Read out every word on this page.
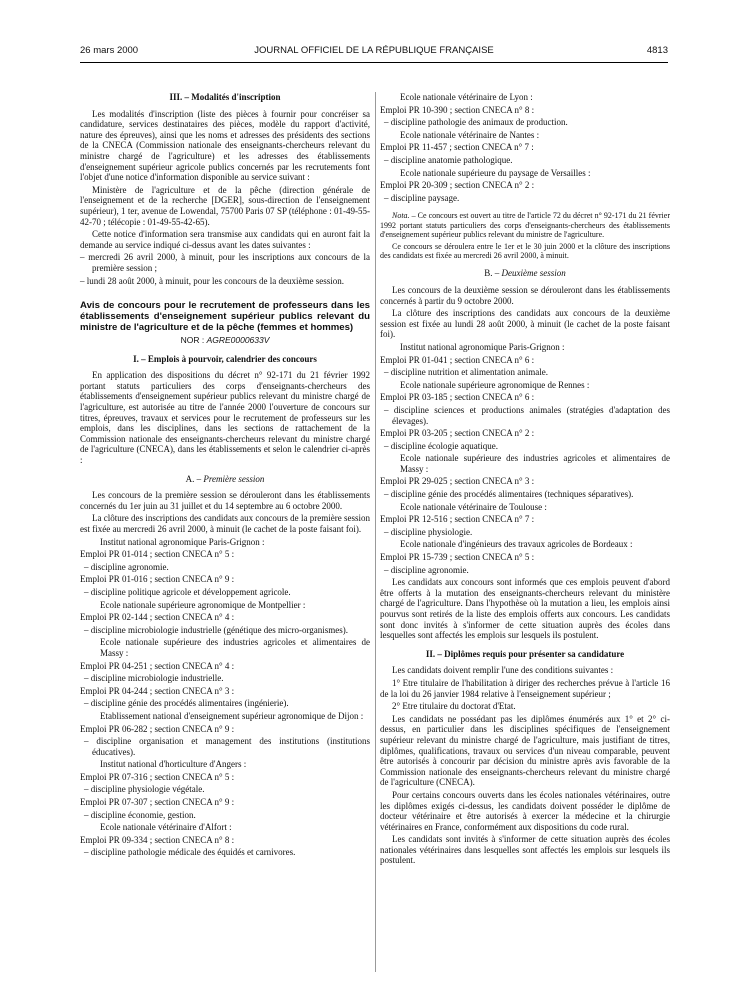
26 mars 2000	JOURNAL OFFICIEL DE LA RÉPUBLIQUE FRANÇAISE	4813

III. – Modalités d'inscription

Les modalités d'inscription (liste des pièces à fournir pour concréiser sa candidature, services destinataires des pièces, modèle du rapport d'activité, nature des épreuves), ainsi que les noms et adresses des présidents des sections de la CNECA (Commission nationale des enseignants-chercheurs relevant du ministre chargé de l'agriculture) et les adresses des établissements d'enseignement supérieur agricole publics concernés par les recrutements font l'objet d'une notice d'information disponible au service suivant :

Ministère de l'agriculture et de la pêche (direction générale de l'enseignement et de la recherche [DGER], sous-direction de l'enseignement supérieur), 1 ter, avenue de Lowendal, 75700 Paris 07 SP (téléphone : 01-49-55-42-70 ; télécopie : 01-49-55-42-65).

Cette notice d'information sera transmise aux candidats qui en auront fait la demande au service indiqué ci-dessus avant les dates suivantes :

– mercredi 26 avril 2000, à minuit, pour les inscriptions aux concours de la première session ;

– lundi 28 août 2000, à minuit, pour les concours de la deuxième session.

Avis de concours pour le recrutement de professeurs dans les établissements d'enseignement supérieur publics relevant du ministre de l'agriculture et de la pêche (femmes et hommes)

NOR : AGRE0000633V

I. – Emplois à pourvoir, calendrier des concours

En application des dispositions du décret n° 92-171 du 21 février 1992 portant statuts particuliers des corps d'enseignants-chercheurs des établissements d'enseignement supérieur publics relevant du ministre chargé de l'agriculture, est autorisée au titre de l'année 2000 l'ouverture de concours sur titres, épreuves, travaux et services pour le recrutement de professeurs sur les emplois, dans les disciplines, dans les sections de rattachement de la Commission nationale des enseignants-chercheurs relevant du ministre chargé de l'agriculture (CNECA), dans les établissements et selon le calendrier ci-après :

A. – Première session

Les concours de la première session se dérouleront dans les établissements concernés du 1er juin au 31 juillet et du 14 septembre au 6 octobre 2000.

La clôture des inscriptions des candidats aux concours de la première session est fixée au mercredi 26 avril 2000, à minuit (le cachet de la poste faisant foi).

Institut national agronomique Paris-Grignon :

Emploi PR 01-014 ; section CNECA n° 5 :

– discipline agronomie.

Emploi PR 01-016 ; section CNECA n° 9 :

– discipline politique agricole et développement agricole.

Ecole nationale supérieure agronomique de Montpellier :

Emploi PR 02-144 ; section CNECA n° 4 :

– discipline microbiologie industrielle (génétique des micro-organismes).

Ecole nationale supérieure des industries agricoles et alimentaires de Massy :

Emploi PR 04-251 ; section CNECA n° 4 :

– discipline microbiologie industrielle.

Emploi PR 04-244 ; section CNECA n° 3 :

– discipline génie des procédés alimentaires (ingénierie).

Etablissement national d'enseignement supérieur agronomique de Dijon :

Emploi PR 06-282 ; section CNECA n° 9 :

– discipline organisation et management des institutions (institutions éducatives).

Institut national d'horticulture d'Angers :

Emploi PR 07-316 ; section CNECA n° 5 :

– discipline physiologie végétale.

Emploi PR 07-307 ; section CNECA n° 9 :

– discipline économie, gestion.

Ecole nationale vétérinaire d'Alfort :

Emploi PR 09-334 ; section CNECA n° 8 :

– discipline pathologie médicale des équidés et carnivores.

Ecole nationale vétérinaire de Lyon :

Emploi PR 10-390 ; section CNECA n° 8 :

– discipline pathologie des animaux de production.

Ecole nationale vétérinaire de Nantes :

Emploi PR 11-457 ; section CNECA n° 7 :

– discipline anatomie pathologique.

Ecole nationale supérieure du paysage de Versailles :

Emploi PR 20-309 ; section CNECA n° 2 :

– discipline paysage.

Nota. – Ce concours est ouvert au titre de l'article 72 du décret n° 92-171 du 21 février 1992 portant statuts particuliers des corps d'enseignants-chercheurs des établissements d'enseignement supérieur publics relevant du ministre de l'agriculture.

Ce concours se déroulera entre le 1er et le 30 juin 2000 et la clôture des inscriptions des candidats est fixée au mercredi 26 avril 2000, à minuit.

B. – Deuxième session

Les concours de la deuxième session se dérouleront dans les établissements concernés à partir du 9 octobre 2000.

La clôture des inscriptions des candidats aux concours de la deuxième session est fixée au lundi 28 août 2000, à minuit (le cachet de la poste faisant foi).

Institut national agronomique Paris-Grignon :

Emploi PR 01-041 ; section CNECA n° 6 :

– discipline nutrition et alimentation animale.

Ecole nationale supérieure agronomique de Rennes :

Emploi PR 03-185 ; section CNECA n° 6 :

– discipline sciences et productions animales (stratégies d'adaptation des élevages).

Emploi PR 03-205 ; section CNECA n° 2 :

– discipline écologie aquatique.

Ecole nationale supérieure des industries agricoles et alimentaires de Massy :

Emploi PR 29-025 ; section CNECA n° 3 :

– discipline génie des procédés alimentaires (techniques séparatives).

Ecole nationale vétérinaire de Toulouse :

Emploi PR 12-516 ; section CNECA n° 7 :

– discipline physiologie.

Ecole nationale d'ingénieurs des travaux agricoles de Bordeaux :

Emploi PR 15-739 ; section CNECA n° 5 :

– discipline agronomie.

Les candidats aux concours sont informés que ces emplois peuvent d'abord être offerts à la mutation des enseignants-chercheurs relevant du ministère chargé de l'agriculture. Dans l'hypothèse où la mutation a lieu, les emplois ainsi pourvus sont retirés de la liste des emplois offerts aux concours. Les candidats sont donc invités à s'informer de cette situation auprès des écoles dans lesquelles sont affectés les emplois sur lesquels ils postulent.

II. – Diplômes requis pour présenter sa candidature

Les candidats doivent remplir l'une des conditions suivantes :

1° Etre titulaire de l'habilitation à diriger des recherches prévue à l'article 16 de la loi du 26 janvier 1984 relative à l'enseignement supérieur ;

2° Etre titulaire du doctorat d'Etat.

Les candidats ne possédant pas les diplômes énumérés aux 1° et 2° ci-dessus, en particulier dans les disciplines spécifiques de l'enseignement supérieur relevant du ministre chargé de l'agriculture, mais justifiant de titres, diplômes, qualifications, travaux ou services d'un niveau comparable, peuvent être autorisés à concourir par décision du ministre après avis favorable de la Commission nationale des enseignants-chercheurs relevant du ministre chargé de l'agriculture (CNECA).

Pour certains concours ouverts dans les écoles nationales vétérinaires, outre les diplômes exigés ci-dessus, les candidats doivent posséder le diplôme de docteur vétérinaire et être autorisés à exercer la médecine et la chirurgie vétérinaires en France, conformément aux dispositions du code rural.

Les candidats sont invités à s'informer de cette situation auprès des écoles nationales vétérinaires dans lesquelles sont affectés les emplois sur lesquels ils postulent.
